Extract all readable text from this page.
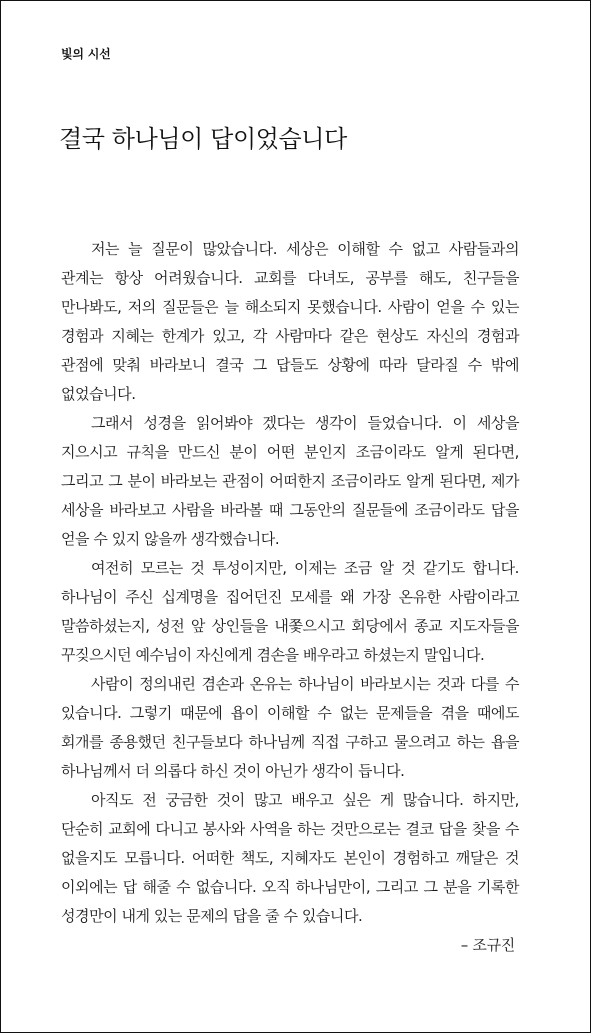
빛의 시선
결국 하나님이 답이었습니다

저는 늘 질문이 많았습니다. 세상은 이해할 수 없고 사람들과의 관계는 항상 어려웠습니다. 교회를 다녀도, 공부를 해도, 친구들을 만나봐도, 저의 질문들은 늘 해소되지 못했습니다. 사람이 얻을 수 있는 경험과 지혜는 한계가 있고, 각 사람마다 같은 현상도 자신의 경험과 관점에 맞춰 바라보니 결국 그 답들도 상황에 따라 달라질 수 밖에 없었습니다.

그래서 성경을 읽어봐야 겠다는 생각이 들었습니다. 이 세상을 지으시고 규칙을 만드신 분이 어떤 분인지 조금이라도 알게 된다면, 그리고 그 분이 바라보는 관점이 어떠한지 조금이라도 알게 된다면, 제가 세상을 바라보고 사람을 바라볼 때 그동안의 질문들에 조금이라도 답을 얻을 수 있지 않을까 생각했습니다.

여전히 모르는 것 투성이지만, 이제는 조금 알 것 같기도 합니다. 하나님이 주신 십계명을 집어던진 모세를 왜 가장 온유한 사람이라고 말씀하셨는지, 성전 앞 상인들을 내쫓으시고 회당에서 종교 지도자들을 꾸짖으시던 예수님이 자신에게 겸손을 배우라고 하셨는지 말입니다.

사람이 정의내린 겸손과 온유는 하나님이 바라보시는 것과 다를 수 있습니다. 그렇기 때문에 욥이 이해할 수 없는 문제들을 겪을 때에도 회개를 종용했던 친구들보다 하나님께 직접 구하고 물으려고 하는 욥을 하나님께서 더 의롭다 하신 것이 아닌가 생각이 듭니다.

아직도 전 궁금한 것이 많고 배우고 싶은 게 많습니다. 하지만, 단순히 교회에 다니고 봉사와 사역을 하는 것만으로는 결코 답을 찾을 수 없을지도 모릅니다. 어떠한 책도, 지혜자도 본인이 경험하고 깨달은 것 이외에는 답 해줄 수 없습니다. 오직 하나님만이, 그리고 그 분을 기록한 성경만이 내게 있는 문제의 답을 줄 수 있습니다.

– 조규진
